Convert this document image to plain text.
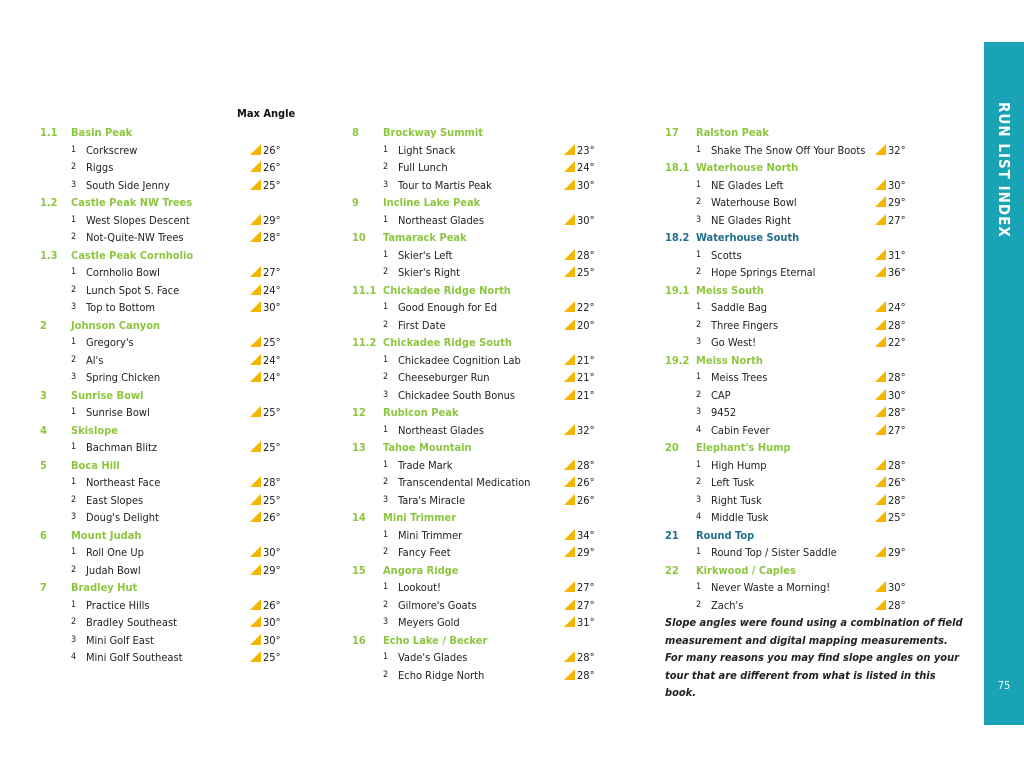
RUN LIST INDEX
75
Max Angle
1.1 Basin Peak
1 Corkscrew	26°
2 Riggs	26°
3 South Side Jenny	25°
1.2 Castle Peak NW Trees
1 West Slopes Descent	29°
2 Not-Quite-NW Trees	28°
1.3 Castle Peak Cornholio
1 Cornholio Bowl	27°
2 Lunch Spot S. Face	24°
3 Top to Bottom	30°
2 Johnson Canyon
1 Gregory's	25°
2 Al's	24°
3 Spring Chicken	24°
3 Sunrise Bowl
1 Sunrise Bowl	25°
4 Skislope
1 Bachman Blitz	25°
5 Boca Hill
1 Northeast Face	28°
2 East Slopes	25°
3 Doug's Delight	26°
6 Mount Judah
1 Roll One Up	30°
2 Judah Bowl	29°
7 Bradley Hut
1 Practice Hills	26°
2 Bradley Southeast	30°
3 Mini Golf East	30°
4 Mini Golf Southeast	25°
8 Brockway Summit
1 Light Snack	23°
2 Full Lunch	24°
3 Tour to Martis Peak	30°
9 Incline Lake Peak
1 Northeast Glades	30°
10 Tamarack Peak
1 Skier's Left	28°
2 Skier's Right	25°
11.1 Chickadee Ridge North
1 Good Enough for Ed	22°
2 First Date	20°
11.2 Chickadee Ridge South
1 Chickadee Cognition Lab	21°
2 Cheeseburger Run	21°
3 Chickadee South Bonus	21°
12 Rubicon Peak
1 Northeast Glades	32°
13 Tahoe Mountain
1 Trade Mark	28°
2 Transcendental Medication	26°
3 Tara's Miracle	26°
14 Mini Trimmer
1 Mini Trimmer	34°
2 Fancy Feet	29°
15 Angora Ridge
1 Lookout!	27°
2 Gilmore's Goats	27°
3 Meyers Gold	31°
16 Echo Lake / Becker
1 Vade's Glades	28°
2 Echo Ridge North	28°
17 Ralston Peak
1 Shake The Snow Off Your Boots	32°
18.1 Waterhouse North
1 NE Glades Left	30°
2 Waterhouse Bowl	29°
3 NE Glades Right	27°
18.2 Waterhouse South
1 Scotts	31°
2 Hope Springs Eternal	36°
19.1 Meiss South
1 Saddle Bag	24°
2 Three Fingers	28°
3 Go West!	22°
19.2 Meiss North
1 Meiss Trees	28°
2 CAP	30°
3 9452	28°
4 Cabin Fever	27°
20 Elephant's Hump
1 High Hump	28°
2 Left Tusk	26°
3 Right Tusk	28°
4 Middle Tusk	25°
21 Round Top
1 Round Top / Sister Saddle	29°
22 Kirkwood / Caples
1 Never Waste a Morning!	30°
2 Zach's	28°
Slope angles were found using a combination of field measurement and digital mapping measurements. For many reasons you may find slope angles on your tour that are different from what is listed in this book.
